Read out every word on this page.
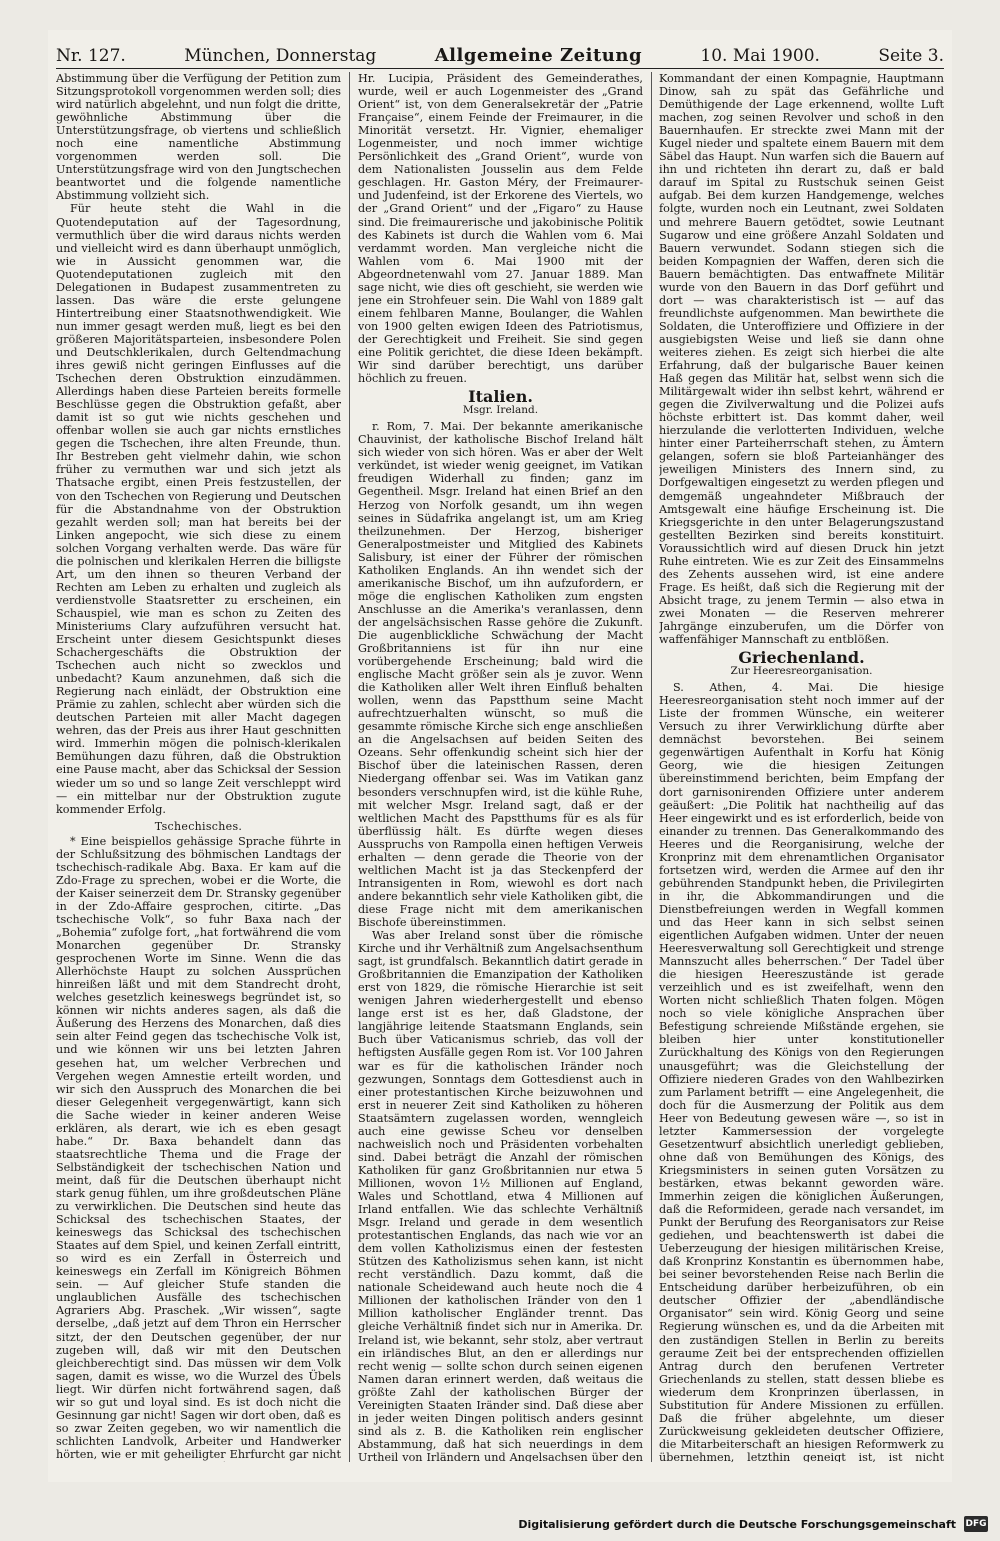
Nr. 127.	München, Donnerstag	Allgemeine Zeitung	10. Mai 1900.	Seite 3.

Abstimmung über die Verfügung der Petition zum Sitzungsprotokoll vorgenommen werden soll; dies wird natürlich abgelehnt, und nun folgt die dritte, gewöhnliche Abstimmung über die Unterstützungsfrage, ob viertens und schließlich noch eine namentliche Abstimmung vorgenommen werden soll. Die Unterstützungsfrage wird von den Jungtschechen beantwortet und die folgende namentliche Abstimmung vollzieht sich.

Für heute steht die Wahl in die Quotendeputation auf der Tagesordnung, vermuthlich über die wird daraus nichts werden und vielleicht wird es dann überhaupt unmöglich, wie in Aussicht genommen war, die Quotendeputationen zugleich mit den Delegationen in Budapest zusammentreten zu lassen. Das wäre die erste gelungene Hintertreibung einer Staatsnothwendigkeit. Wie nun immer gesagt werden muß, liegt es bei den größeren Majoritätsparteien, insbesondere Polen und Deutschklerikalen, durch Geltendmachung ihres gewiß nicht geringen Einflusses auf die Tschechen deren Obstruktion einzudämmen. Allerdings haben diese Parteien bereits formelle Beschlüsse gegen die Obstruktion gefaßt, aber damit ist so gut wie nichts geschehen und offenbar wollen sie auch gar nichts ernstliches gegen die Tschechen, ihre alten Freunde, thun. Ihr Bestreben geht vielmehr dahin, wie schon früher zu vermuthen war und sich jetzt als Thatsache ergibt, einen Preis festzustellen, der von den Tschechen von Regierung und Deutschen für die Abstandnahme von der Obstruktion gezahlt werden soll; man hat bereits bei der Linken angepocht, wie sich diese zu einem solchen Vorgang verhalten werde. Das wäre für die polnischen und klerikalen Herren die billigste Art, um den ihnen so theuren Verband der Rechten am Leben zu erhalten und zugleich als verdienstvolle Staatsretter zu erscheinen, ein Schauspiel, wie man es schon zu Zeiten des Ministeriums Clary aufzuführen versucht hat. Erscheint unter diesem Gesichtspunkt dieses Schachergeschäfts die Obstruktion der Tschechen auch nicht so zwecklos und unbedacht? Kaum anzunehmen, daß sich die Regierung nach einlädt, der Obstruktion eine Prämie zu zahlen, schlecht aber würden sich die deutschen Parteien mit aller Macht dagegen wehren, das der Preis aus ihrer Haut geschnitten wird. Immerhin mögen die polnisch-klerikalen Bemühungen dazu führen, daß die Obstruktion eine Pause macht, aber das Schicksal der Session wieder um so und so lange Zeit verschleppt wird — ein mittelbar nur der Obstruktion zugute kommender Erfolg.

Tschechisches.

* Eine beispiellos gehässige Sprache führte in der Schlußsitzung des böhmischen Landtags der tschechisch-radikale Abg. Baxa. Er kam auf die Zdo-Frage zu sprechen, wobei er die Worte, die der Kaiser seinerzeit dem Dr. Stransky gegenüber in der Zdo-Affaire gesprochen, citirte. „Das tschechische Volk“, so fuhr Baxa nach der „Bohemia“ zufolge fort, „hat fortwährend die vom Monarchen gegenüber Dr. Stransky gesprochenen Worte im Sinne. Wenn die das Allerhöchste Haupt zu solchen Aussprüchen hinreißen läßt und mit dem Standrecht droht, welches gesetzlich keineswegs begründet ist, so können wir nichts anderes sagen, als daß die Äußerung des Herzens des Monarchen, daß dies sein alter Feind gegen das tschechische Volk ist, und wie können wir uns bei letzten Jahren gesehen hat, um welcher Verbrechen und Vergehen wegen Amnestie erteilt worden, und wir sich den Ausspruch des Monarchen die bei dieser Gelegenheit vergegenwärtigt, kann sich die Sache wieder in keiner anderen Weise erklären, als derart, wie ich es eben gesagt habe.“ Dr. Baxa behandelt dann das staatsrechtliche Thema und die Frage der Selbständigkeit der tschechischen Nation und meint, daß für die Deutschen überhaupt nicht stark genug fühlen, um ihre großdeutschen Pläne zu verwirklichen. Die Deutschen sind heute das Schicksal des tschechischen Staates, der keineswegs das Schicksal des tschechischen Staates auf dem Spiel, und keinen Zerfall eintritt, so wird es ein Zerfall in Österreich und keineswegs ein Zerfall im Königreich Böhmen sein. — Auf gleicher Stufe standen die unglaublichen Ausfälle des tschechischen Agrariers Abg. Praschek. „Wir wissen“, sagte derselbe, „daß jetzt auf dem Thron ein Herrscher sitzt, der den Deutschen gegenüber, der nur zugeben will, daß wir mit den Deutschen gleichberechtigt sind. Das müssen wir dem Volk sagen, damit es wisse, wo die Wurzel des Übels liegt. Wir dürfen nicht fortwährend sagen, daß wir so gut und loyal sind. Es ist doch nicht die Gesinnung gar nicht! Sagen wir dort oben, daß es so zwar Zeiten gegeben, wo wir namentlich die schlichten Landvolk, Arbeiter und Handwerker hörten, wie er mit geheiligter Ehrfurcht gar nicht

Hr. Lucipia, Präsident des Gemeinderathes, wurde, weil er auch Logenmeister des „Grand Orient“ ist, von dem Generalsekretär der „Patrie Française“, einem Feinde der Freimaurer, in die Minorität versetzt. Hr. Vignier, ehemaliger Logenmeister, und noch immer wichtige Persönlichkeit des „Grand Orient“, wurde von dem Nationalisten Jousselin aus dem Felde geschlagen. Hr. Gaston Méry, der Freimaurer- und Judenfeind, ist der Erkorene des Viertels, wo der „Grand Orient“ und der „Figaro“ zu Hause sind. Die freimaurerische und jakobinische Politik des Kabinets ist durch die Wahlen vom 6. Mai verdammt worden. Man vergleiche nicht die Wahlen vom 6. Mai 1900 mit der Abgeordnetenwahl vom 27. Januar 1889. Man sage nicht, wie dies oft geschieht, sie werden wie jene ein Strohfeuer sein. Die Wahl von 1889 galt einem fehlbaren Manne, Boulanger, die Wahlen von 1900 gelten ewigen Ideen des Patriotismus, der Gerechtigkeit und Freiheit. Sie sind gegen eine Politik gerichtet, die diese Ideen bekämpft. Wir sind darüber berechtigt, uns darüber höchlich zu freuen.

Italien.

Msgr. Ireland.

r. Rom, 7. Mai. Der bekannte amerikanische Chauvinist, der katholische Bischof Ireland hält sich wieder von sich hören. Was er aber der Welt verkündet, ist wieder wenig geeignet, im Vatikan freudigen Widerhall zu finden; ganz im Gegentheil. Msgr. Ireland hat einen Brief an den Herzog von Norfolk gesandt, um ihn wegen seines in Südafrika angelangt ist, um am Krieg theilzunehmen. Der Herzog, bisheriger Generalpostmeister und Mitglied des Kabinets Salisbury, ist einer der Führer der römischen Katholiken Englands. An ihn wendet sich der amerikanische Bischof, um ihn aufzufordern, er möge die englischen Katholiken zum engsten Anschlusse an die Amerika's veranlassen, denn der angelsächsischen Rasse gehöre die Zukunft. Die augenblickliche Schwächung der Macht Großbritanniens ist für ihn nur eine vorübergehende Erscheinung; bald wird die englische Macht größer sein als je zuvor. Wenn die Katholiken aller Welt ihren Einfluß behalten wollen, wenn das Papstthum seine Macht aufrechtzuerhalten wünscht, so muß die gesammte römische Kirche sich enge anschließen an die Angelsachsen auf beiden Seiten des Ozeans. Sehr offenkundig scheint sich hier der Bischof über die lateinischen Rassen, deren Niedergang offenbar sei. Was im Vatikan ganz besonders verschnupfen wird, ist die kühle Ruhe, mit welcher Msgr. Ireland sagt, daß er der weltlichen Macht des Papstthums für es als für überflüssig hält. Es dürfte wegen dieses Ausspruchs von Rampolla einen heftigen Verweis erhalten — denn gerade die Theorie von der weltlichen Macht ist ja das Steckenpferd der Intransigenten in Rom, wiewohl es dort nach andere bekanntlich sehr viele Katholiken gibt, die diese Frage nicht mit dem amerikanischen Bischofe übereinstimmen.

Was aber Ireland sonst über die römische Kirche und ihr Verhältniß zum Angelsachsenthum sagt, ist grundfalsch. Bekanntlich datirt gerade in Großbritannien die Emanzipation der Katholiken erst von 1829, die römische Hierarchie ist seit wenigen Jahren wiederhergestellt und ebenso lange erst ist es her, daß Gladstone, der langjährige leitende Staatsmann Englands, sein Buch über Vaticanismus schrieb, das voll der heftigsten Ausfälle gegen Rom ist. Vor 100 Jahren war es für die katholischen Iränder noch gezwungen, Sonntags dem Gottesdienst auch in einer protestantischen Kirche beizuwohnen und erst in neuerer Zeit sind Katholiken zu höheren Staatsämtern zugelassen worden, wenngleich auch eine gewisse Scheu vor denselben nachweislich noch und Präsidenten vorbehalten sind. Dabei beträgt die Anzahl der römischen Katholiken für ganz Großbritannien nur etwa 5 Millionen, wovon 1½ Millionen auf England, Wales und Schottland, etwa 4 Millionen auf Irland entfallen. Wie das schlechte Verhältniß Msgr. Ireland und gerade in dem wesentlich protestantischen Englands, das nach wie vor an dem vollen Katholizismus einen der festesten Stützen des Katholizismus sehen kann, ist nicht recht verständlich. Dazu kommt, daß die nationale Scheidewand auch heute noch die 4 Millionen der katholischen Iränder von den 1 Million katholischer Engländer trennt. Das gleiche Verhältniß findet sich nur in Amerika. Dr. Ireland ist, wie bekannt, sehr stolz, aber vertraut ein irländisches Blut, an den er allerdings nur recht wenig — sollte schon durch seinen eigenen Namen daran erinnert werden, daß weitaus die größte Zahl der katholischen Bürger der Vereinigten Staaten Iränder sind. Daß diese aber in jeder weiten Dingen politisch anders gesinnt sind als z. B. die Katholiken rein englischer Abstammung, daß hat sich neuerdings in dem Urtheil von Irländern und Angelsachsen über den

Kommandant der einen Kompagnie, Hauptmann Dinow, sah zu spät das Gefährliche und Demüthigende der Lage erkennend, wollte Luft machen, zog seinen Revolver und schoß in den Bauernhaufen. Er streckte zwei Mann mit der Kugel nieder und spaltete einem Bauern mit dem Säbel das Haupt. Nun warfen sich die Bauern auf ihn und richteten ihn derart zu, daß er bald darauf im Spital zu Rustschuk seinen Geist aufgab. Bei dem kurzen Handgemenge, welches folgte, wurden noch ein Leutnant, zwei Soldaten und mehrere Bauern getödtet, sowie Leutnant Sugarow und eine größere Anzahl Soldaten und Bauern verwundet. Sodann stiegen sich die beiden Kompagnien der Waffen, deren sich die Bauern bemächtigten. Das entwaffnete Militär wurde von den Bauern in das Dorf geführt und dort — was charakteristisch ist — auf das freundlichste aufgenommen. Man bewirthete die Soldaten, die Unteroffiziere und Offiziere in der ausgiebigsten Weise und ließ sie dann ohne weiteres ziehen. Es zeigt sich hierbei die alte Erfahrung, daß der bulgarische Bauer keinen Haß gegen das Militär hat, selbst wenn sich die Militärgewalt wider ihn selbst kehrt, während er gegen die Zivilverwaltung und die Polizei aufs höchste erbittert ist. Das kommt daher, weil hierzulande die verlotterten Individuen, welche hinter einer Parteiherrschaft stehen, zu Ämtern gelangen, sofern sie bloß Parteianhänger des jeweiligen Ministers des Innern sind, zu Dorfgewaltigen eingesetzt zu werden pflegen und demgemäß ungeahndeter Mißbrauch der Amtsgewalt eine häufige Erscheinung ist. Die Kriegsgerichte in den unter Belagerungszustand gestellten Bezirken sind bereits konstituirt. Voraussichtlich wird auf diesen Druck hin jetzt Ruhe eintreten. Wie es zur Zeit des Einsammelns des Zehents aussehen wird, ist eine andere Frage. Es heißt, daß sich die Regierung mit der Absicht trage, zu jenem Termin — also etwa in zwei Monaten — die Reserven mehrerer Jahrgänge einzuberufen, um die Dörfer von waffenfähiger Mannschaft zu entblößen.

Griechenland.

Zur Heeresreorganisation.

S. Athen, 4. Mai. Die hiesige Heeresreorganisation steht noch immer auf der Liste der frommen Wünsche, ein weiterer Versuch zu ihrer Verwirklichung dürfte aber demnächst bevorstehen. Bei seinem gegenwärtigen Aufenthalt in Korfu hat König Georg, wie die hiesigen Zeitungen übereinstimmend berichten, beim Empfang der dort garnisonirenden Offiziere unter anderem geäußert: „Die Politik hat nachtheilig auf das Heer eingewirkt und es ist erforderlich, beide von einander zu trennen. Das Generalkommando des Heeres und die Reorganisirung, welche der Kronprinz mit dem ehrenamtlichen Organisator fortsetzen wird, werden die Armee auf den ihr gebührenden Standpunkt heben, die Privilegirten in ihr, die Abkommandirungen und die Dienstbefreiungen werden in Wegfall kommen und das Heer kann in sich selbst seinen eigentlichen Aufgaben widmen. Unter der neuen Heeresverwaltung soll Gerechtigkeit und strenge Mannszucht alles beherrschen.“ Der Tadel über die hiesigen Heereszustände ist gerade verzeihlich und es ist zweifelhaft, wenn den Worten nicht schließlich Thaten folgen. Mögen noch so viele königliche Ansprachen über Befestigung schreiende Mißstände ergehen, sie bleiben hier unter konstitutioneller Zurückhaltung des Königs von den Regierungen unausgeführt; was die Gleichstellung der Offiziere niederen Grades von den Wahlbezirken zum Parlament betrifft — eine Angelegenheit, die doch für die Ausmerzung der Politik aus dem Heer von Bedeutung gewesen wäre —, so ist in letzter Kammersession der vorgelegte Gesetzentwurf absichtlich unerledigt geblieben, ohne daß von Bemühungen des Königs, des Kriegsministers in seinen guten Vorsätzen zu bestärken, etwas bekannt geworden wäre. Immerhin zeigen die königlichen Äußerungen, daß die Reformideen, gerade nach versandet, im Punkt der Berufung des Reorganisators zur Reise gediehen, und beachtenswerth ist dabei die Ueberzeugung der hiesigen militärischen Kreise, daß Kronprinz Konstantin es übernommen habe, bei seiner bevorstehenden Reise nach Berlin die Entscheidung darüber herbeizuführen, ob ein deutscher Offizier der „abendländische Organisator“ sein wird. König Georg und seine Regierung wünschen es, und da die Arbeiten mit den zuständigen Stellen in Berlin zu bereits geraume Zeit bei der entsprechenden offiziellen Antrag durch den berufenen Vertreter Griechenlands zu stellen, statt dessen bliebe es wiederum dem Kronprinzen überlassen, in Substitution für Andere Missionen zu erfüllen. Daß die früher abgelehnte, um dieser Zurückweisung gekleideten deutscher Offiziere, die Mitarbeiterschaft an hiesigen Reformwerk zu übernehmen, letzthin geneigt ist, ist nicht

Digitalisierung gefördert durch die Deutsche Forschungsgemeinschaft DFG
